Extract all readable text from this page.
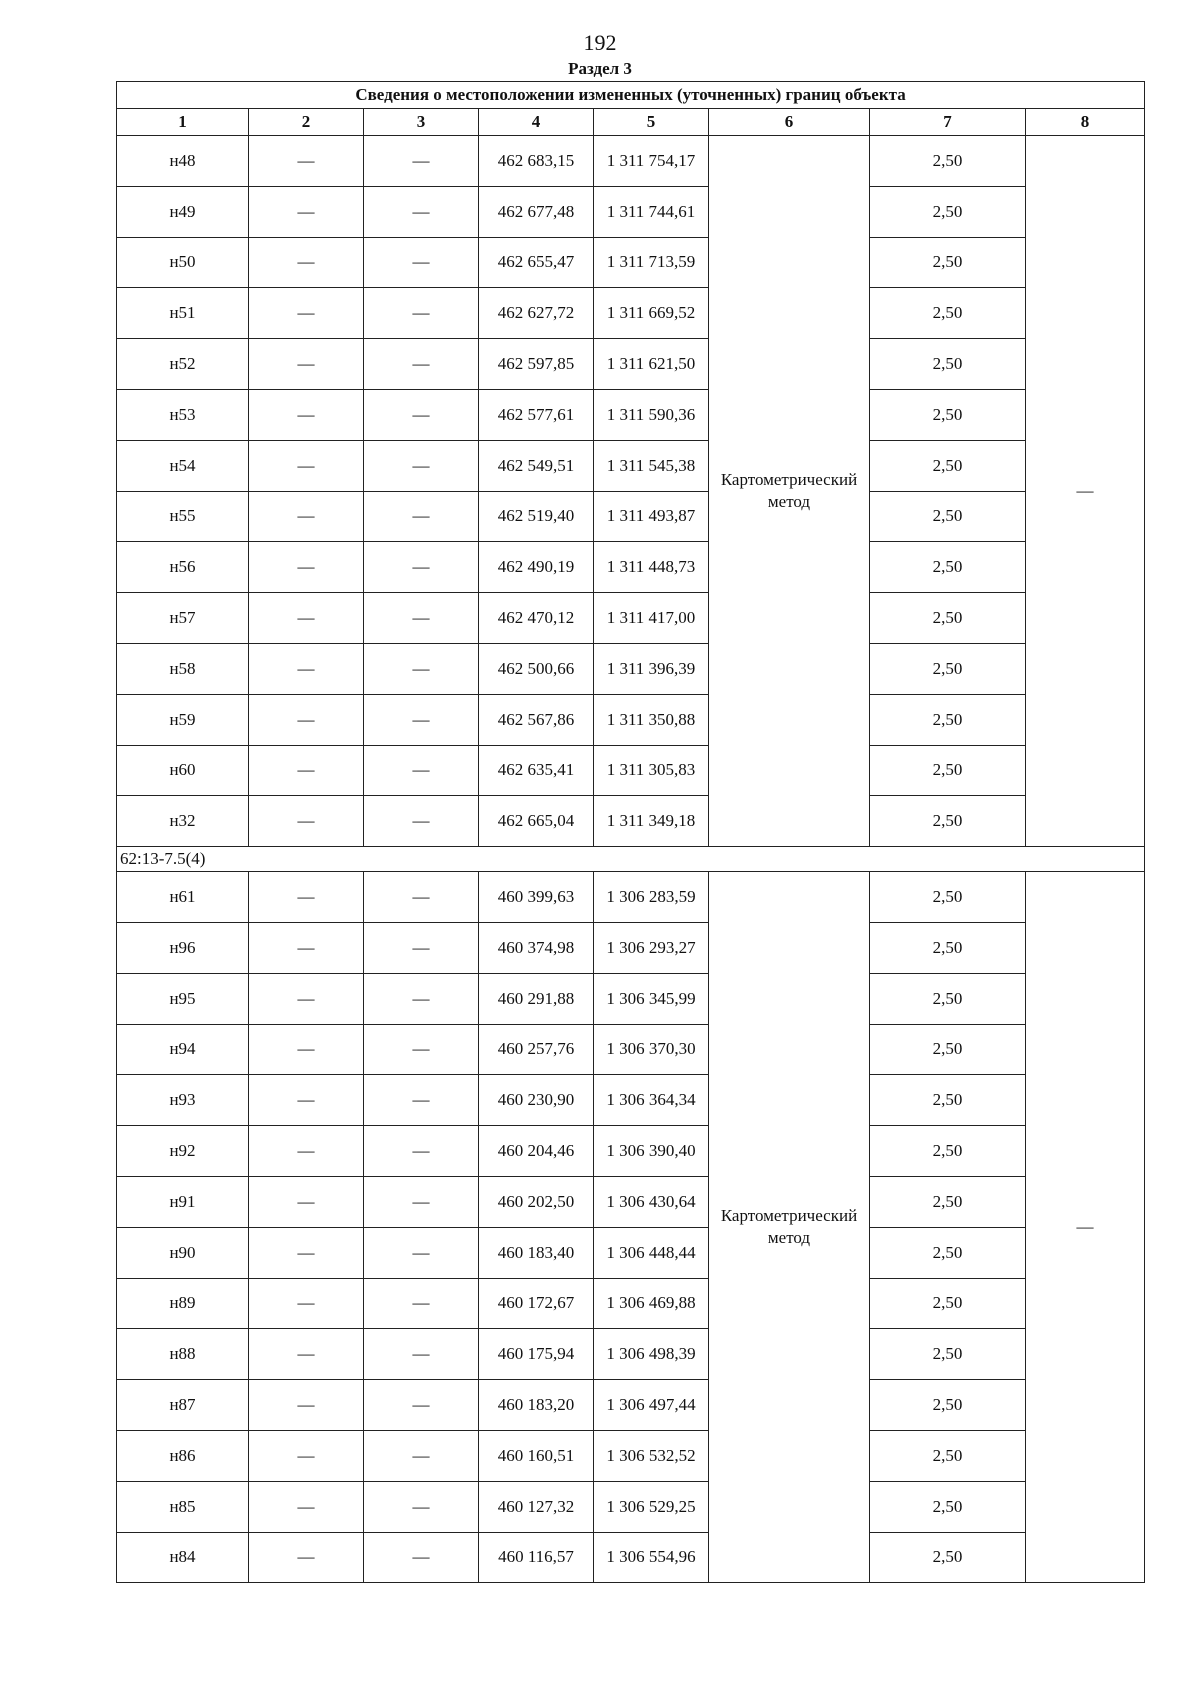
192
Раздел 3
Сведения о местоположении измененных (уточненных) границ объекта							
1	2	3	4	5	6	7	8
н48	—	—	462 683,15	1 311 754,17	Картометрический метод	2,50	—
н49	—	—	462 677,48	1 311 744,61		2,50	
н50	—	—	462 655,47	1 311 713,59		2,50	
н51	—	—	462 627,72	1 311 669,52		2,50	
н52	—	—	462 597,85	1 311 621,50		2,50	
н53	—	—	462 577,61	1 311 590,36		2,50	
н54	—	—	462 549,51	1 311 545,38		2,50	
н55	—	—	462 519,40	1 311 493,87		2,50	
н56	—	—	462 490,19	1 311 448,73		2,50	
н57	—	—	462 470,12	1 311 417,00		2,50	
н58	—	—	462 500,66	1 311 396,39		2,50	
н59	—	—	462 567,86	1 311 350,88		2,50	
н60	—	—	462 635,41	1 311 305,83		2,50	
н32	—	—	462 665,04	1 311 349,18		2,50	
62:13-7.5(4)							
н61	—	—	460 399,63	1 306 283,59	Картометрический метод	2,50	—
н96	—	—	460 374,98	1 306 293,27		2,50	
н95	—	—	460 291,88	1 306 345,99		2,50	
н94	—	—	460 257,76	1 306 370,30		2,50	
н93	—	—	460 230,90	1 306 364,34		2,50	
н92	—	—	460 204,46	1 306 390,40		2,50	
н91	—	—	460 202,50	1 306 430,64		2,50	
н90	—	—	460 183,40	1 306 448,44		2,50	
н89	—	—	460 172,67	1 306 469,88		2,50	
н88	—	—	460 175,94	1 306 498,39		2,50	
н87	—	—	460 183,20	1 306 497,44		2,50	
н86	—	—	460 160,51	1 306 532,52		2,50	
н85	—	—	460 127,32	1 306 529,25		2,50	
н84	—	—	460 116,57	1 306 554,96		2,50	
